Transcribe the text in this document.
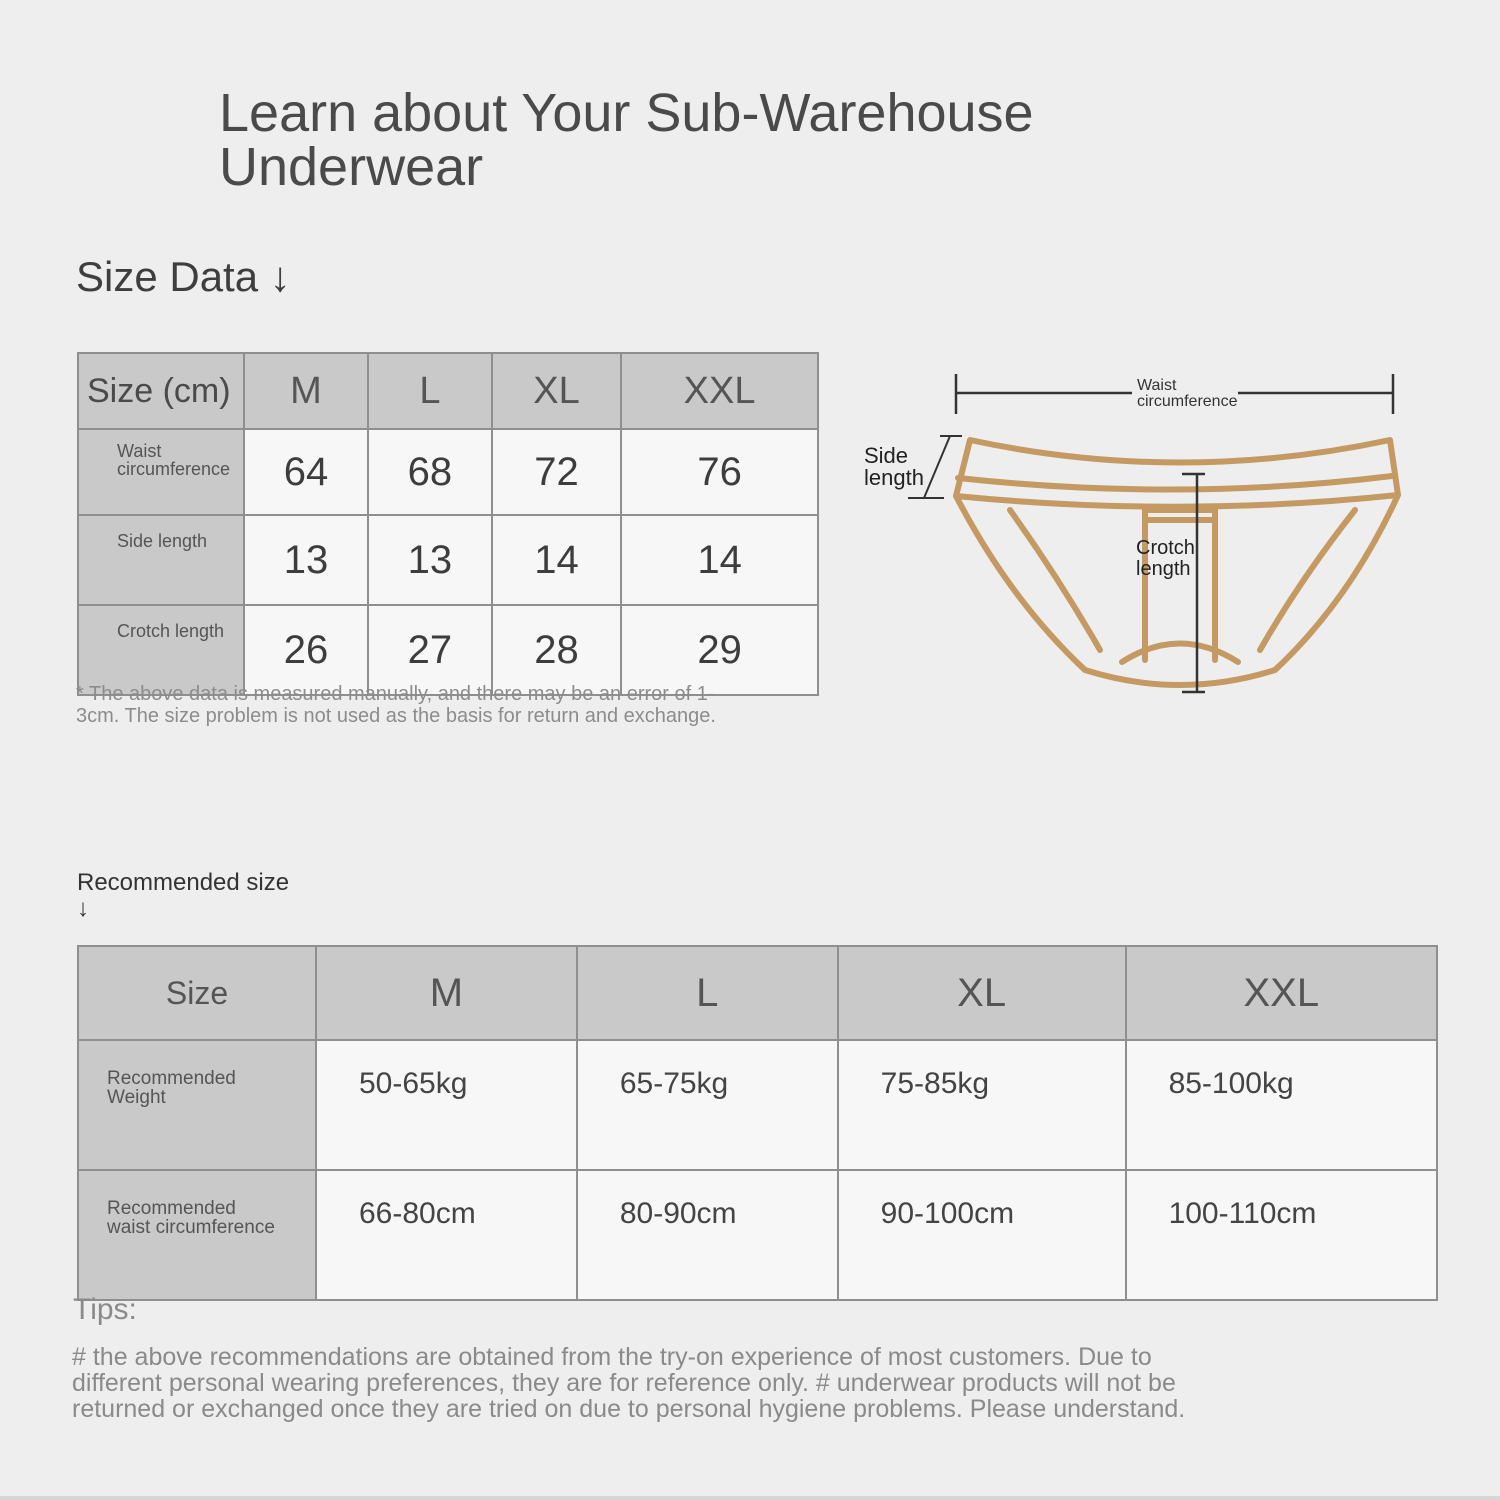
Learn about Your Sub-Warehouse
Underwear
Size Data ↓
Size (cm)	M	L	XL	XXL

Waist
circumference	64	68	72	76
Side length	13	13	14	14
Crotch length	26	27	28	29

* The above data is measured manually, and there may be an error of 1-
3cm. The size problem is not used as the basis for return and exchange.

Waist
circumference
Side
length
Crotch
length
Recommended size
↓
Size	M	L	XL	XXL

Recommended
Weight	50-65kg	65-75kg	75-85kg	85-100kg

Recommended
waist circumference	66-80cm	80-90cm	90-100cm	100-110cm
Tips:

# the above recommendations are obtained from the try-on experience of most customers. Due to
different personal wearing preferences, they are for reference only. # underwear products will not be
returned or exchanged once they are tried on due to personal hygiene problems. Please understand.
